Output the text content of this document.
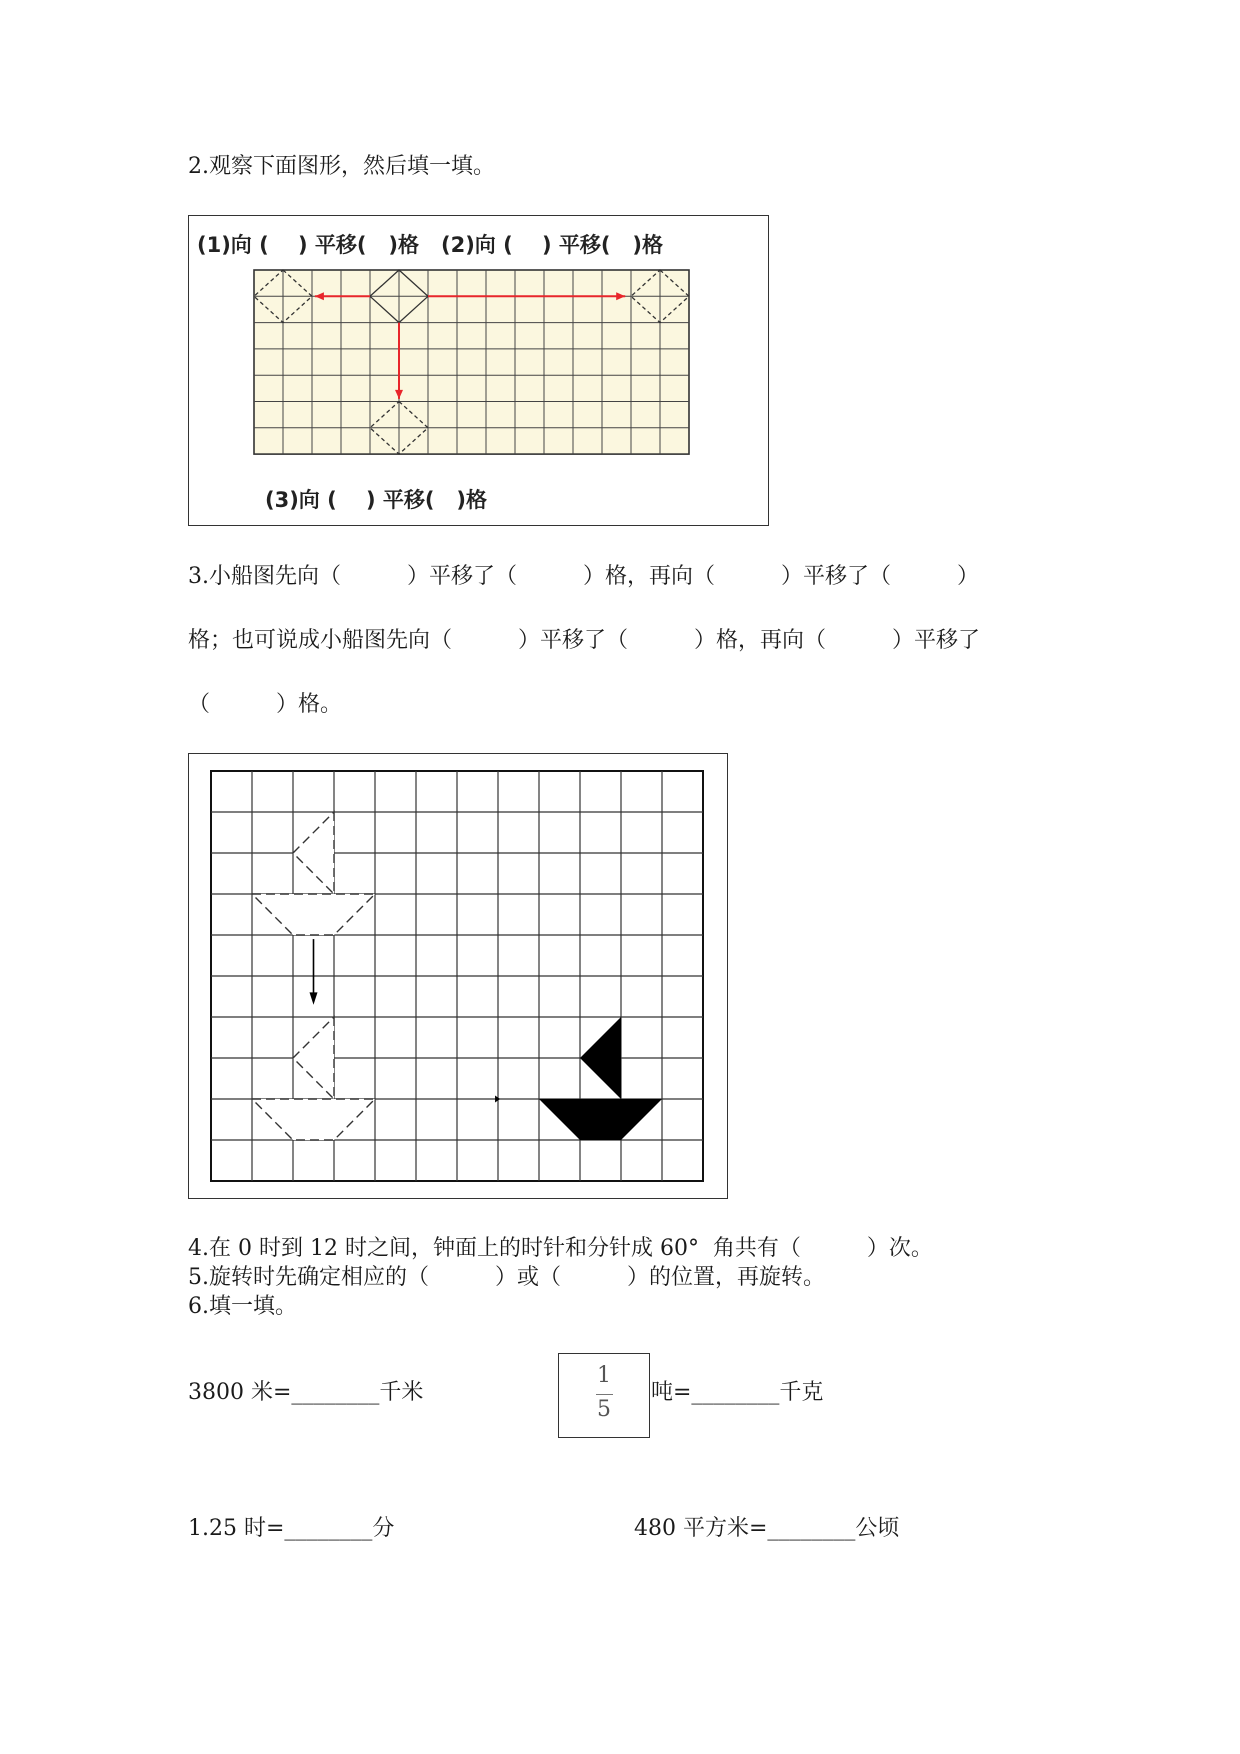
2.观察下面图形，然后填一填。
(1)向 (    ) 平移(   )格 (2)向 (    ) 平移(   )格
(3)向 (    ) 平移(   )格
3.小船图先向（　　　）平移了（　　　）格，再向（　　　）平移了（　　　）
格；也可说成小船图先向（　　　）平移了（　　　）格，再向（　　　）平移了
（　　　）格。
4.在 0 时到 12 时之间，钟面上的时针和分针成 60°  角共有（　　　）次。
5.旋转时先确定相应的（　　　）或（　　　）的位置，再旋转。
6.填一填。
3800 米=________千米
1
5
吨=________千克
1.25 时=________分	480 平方米=________公顷
